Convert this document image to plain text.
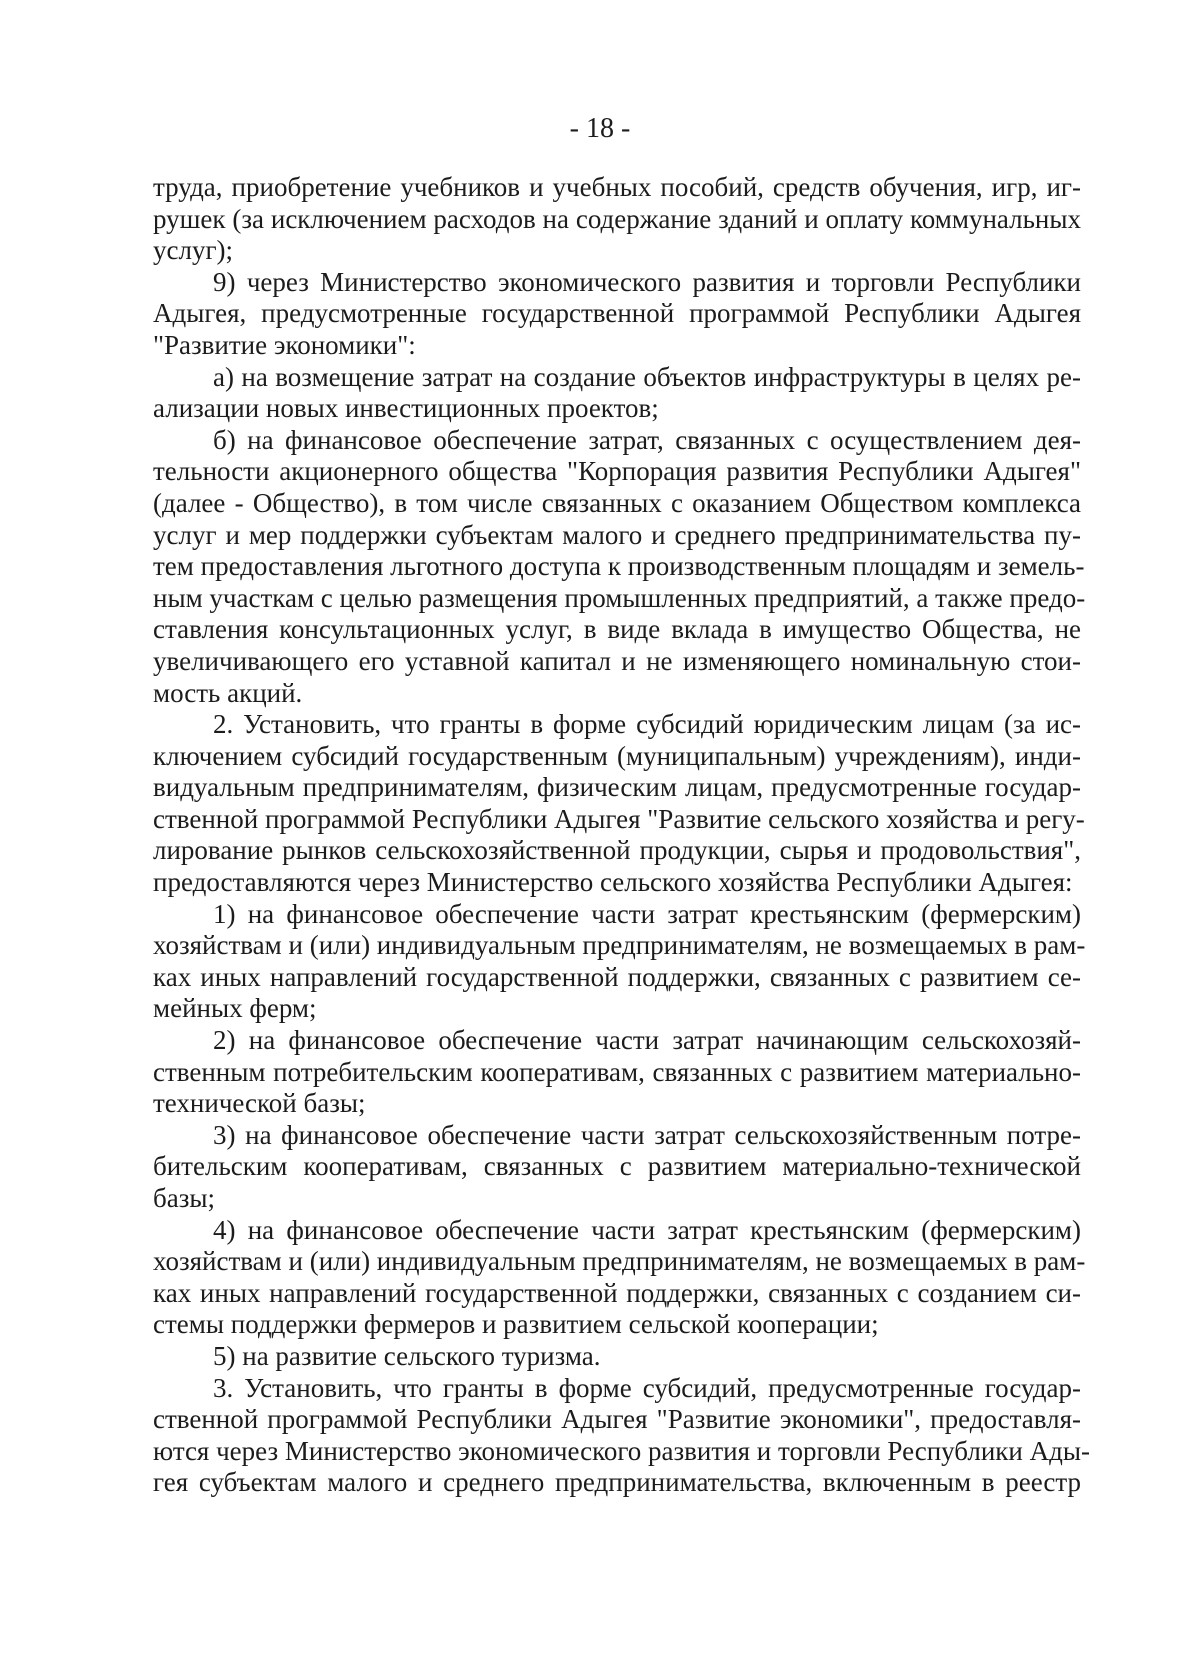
- 18 -
труда, приобретение учебников и учебных пособий, средств обучения, игр, иг-
рушек (за исключением расходов на содержание зданий и оплату коммунальных
услуг);
9) через Министерство экономического развития и торговли Республики
Адыгея, предусмотренные государственной программой Республики Адыгея
"Развитие экономики":
а) на возмещение затрат на создание объектов инфраструктуры в целях ре-
ализации новых инвестиционных проектов;
б) на финансовое обеспечение затрат, связанных с осуществлением дея-
тельности акционерного общества "Корпорация развития Республики Адыгея"
(далее - Общество), в том числе связанных с оказанием Обществом комплекса
услуг и мер поддержки субъектам малого и среднего предпринимательства пу-
тем предоставления льготного доступа к производственным площадям и земель-
ным участкам с целью размещения промышленных предприятий, а также предо-
ставления консультационных услуг, в виде вклада в имущество Общества, не
увеличивающего его уставной капитал и не изменяющего номинальную стои-
мость акций.
2. Установить, что гранты в форме субсидий юридическим лицам (за ис-
ключением субсидий государственным (муниципальным) учреждениям), инди-
видуальным предпринимателям, физическим лицам, предусмотренные государ-
ственной программой Республики Адыгея "Развитие сельского хозяйства и регу-
лирование рынков сельскохозяйственной продукции, сырья и продовольствия",
предоставляются через Министерство сельского хозяйства Республики Адыгея:
1) на финансовое обеспечение части затрат крестьянским (фермерским)
хозяйствам и (или) индивидуальным предпринимателям, не возмещаемых в рам-
ках иных направлений государственной поддержки, связанных с развитием се-
мейных ферм;
2) на финансовое обеспечение части затрат начинающим сельскохозяй-
ственным потребительским кооперативам, связанных с развитием материально-
технической базы;
3) на финансовое обеспечение части затрат сельскохозяйственным потре-
бительским кооперативам, связанных с развитием материально-технической
базы;
4) на финансовое обеспечение части затрат крестьянским (фермерским)
хозяйствам и (или) индивидуальным предпринимателям, не возмещаемых в рам-
ках иных направлений государственной поддержки, связанных с созданием си-
стемы поддержки фермеров и развитием сельской кооперации;
5) на развитие сельского туризма.
3. Установить, что гранты в форме субсидий, предусмотренные государ-
ственной программой Республики Адыгея "Развитие экономики", предоставля-
ются через Министерство экономического развития и торговли Республики Ады-
гея субъектам малого и среднего предпринимательства, включенным в реестр
